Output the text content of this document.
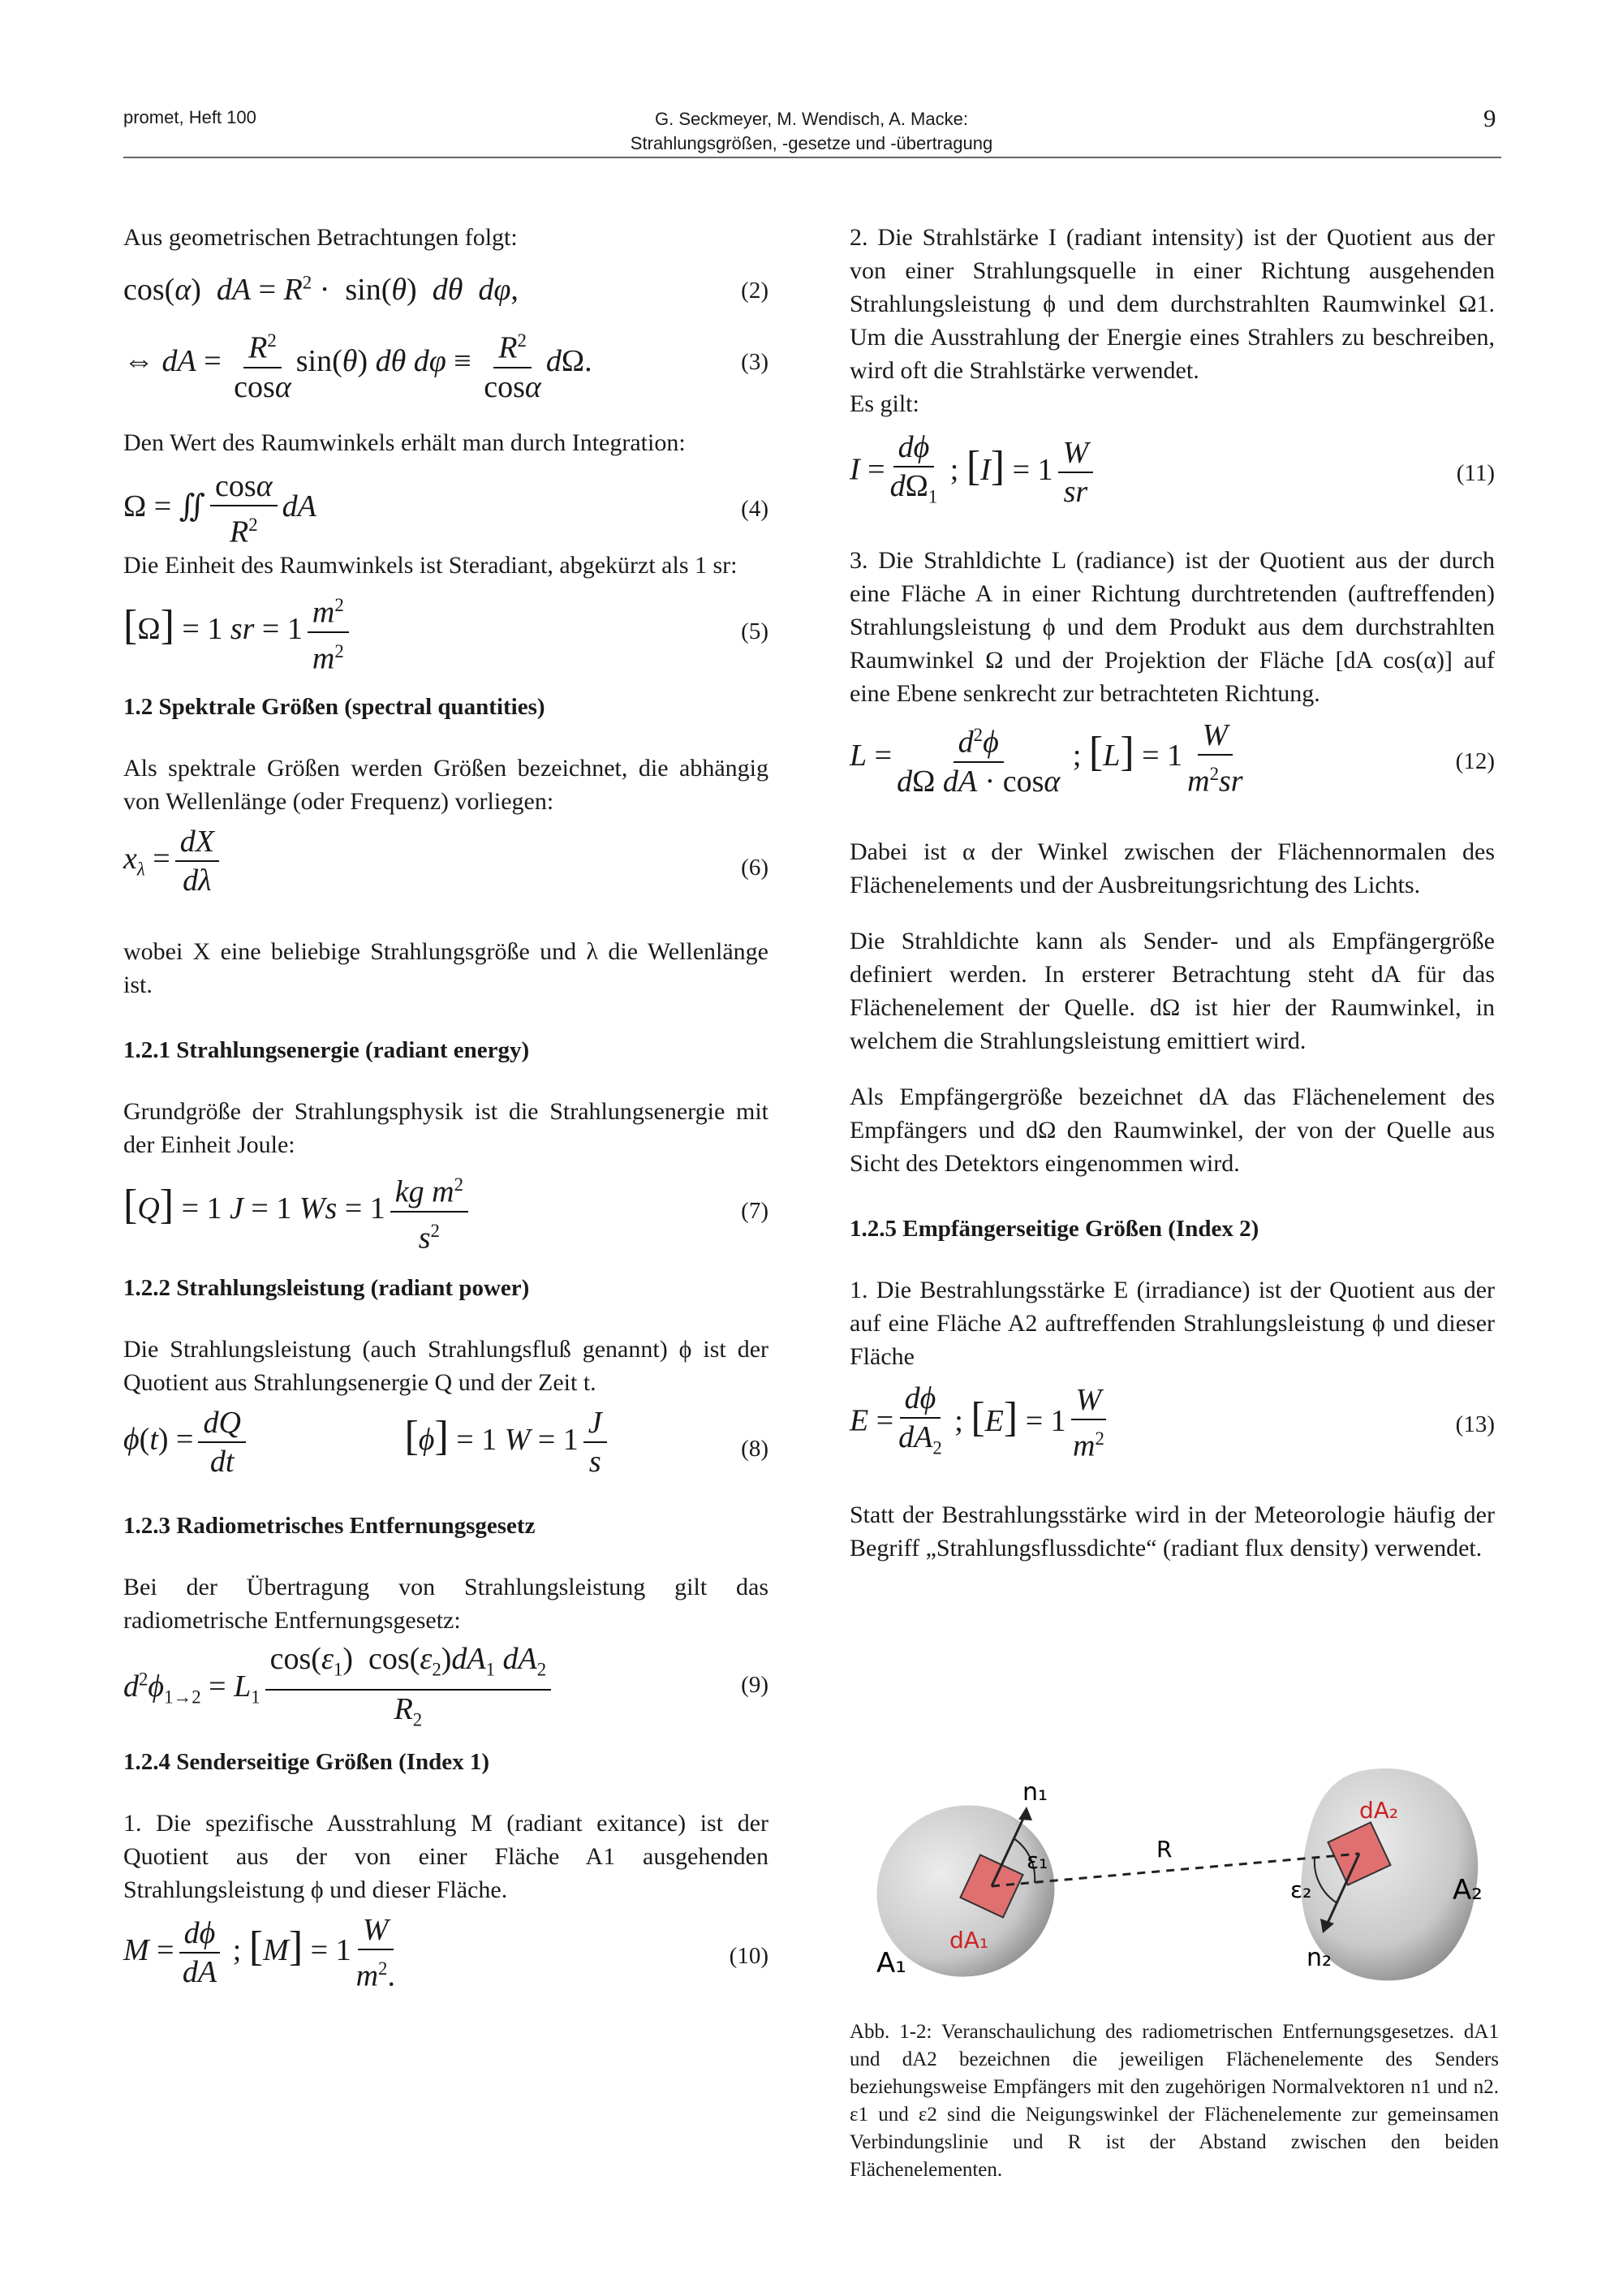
promet, Heft 100	G. Seckmeyer, M. Wendisch, A. Macke:
Strahlungsgrößen, -gesetze und -übertragung
9

Aus geometrischen Betrachtungen folgt:

cos(α)  dA = $R^2 \cdot \sin(\theta)$  dθ dφ,	(2)
⇔ dA = $\frac{R^2}{\cos\alpha} \sin(\theta)$ dθ $d\varphi \equiv \frac{R^2}{\cos\alpha} d\Omega$.	(3)

Den Wert des Raumwinkels erhält man durch Integration:

Ω = ∬ $\frac{\cos\alpha}{R^2}$ dA	(4)

Die Einheit des Raumwinkels ist Steradiant, abgekürzt als 1 sr:

[Ω] = 1 sr = $1 \frac{m^2}{m^2}$	(5)
1.2 Spektrale Größen (spectral quantities)

Als spektrale Größen werden Größen bezeichnet, die abhängig von Wellenlänge (oder Frequenz) vorliegen:

$x_\lambda = \frac{dX}{d\lambda}$	(6)

wobei X eine beliebige Strahlungsgröße und λ die Wellenlänge ist.

1.2.1 Strahlungsenergie (radiant energy)

Grundgröße der Strahlungsphysik ist die Strahlungsenergie mit der Einheit Joule:

[Q] = 1 J = 1 $Ws = 1 \frac{kg m^2}{s^2}$	(7)
1.2.2 Strahlungsleistung (radiant power)

Die Strahlungsleistung (auch Strahlungsfluß genannt) ϕ ist der Quotient aus Strahlungsenergie Q und der Zeit t.

$\phi(t) = \frac{dQ}{dt}$	[ϕ] = 1 $W = 1 \frac{J}{s}$	(8)
1.2.3 Radiometrisches Entfernungsgesetz

Bei der Übertragung von Strahlungsleistung gilt das radiometrische Entfernungsgesetz:

$d^2\phi_{1\to 2} = L_1 \frac{\cos(\varepsilon_1) \cos(\varepsilon_2)dA_1 dA_2}{R_2}$	(9)
1.2.4 Senderseitige Größen (Index 1)

1. Die spezifische Ausstrahlung M (radiant exitance) ist der Quotient aus der von einer Fläche A1 ausgehenden Strahlungsleistung ϕ und dieser Fläche.

$M = \frac{d\phi}{dA}$ ; $[M] = 1 \frac{W}{m^2.}$	(10)

2. Die Strahlstärke I (radiant intensity) ist der Quotient aus der von einer Strahlungsquelle in einer Richtung ausgehenden Strahlungsleistung ϕ und dem durchstrahlten Raumwinkel Ω1. Um die Ausstrahlung der Energie eines Strahlers zu beschreiben, wird oft die Strahlstärke verwendet.

Es gilt:

$I = \frac{d\phi}{d\Omega_1}$ ; $[I] = 1 \frac{W}{sr}$	(11)

3. Die Strahldichte L (radiance) ist der Quotient aus der durch eine Fläche A in einer Richtung durchtretenden (auftreffenden) Strahlungsleistung ϕ und dem Produkt aus dem durchstrahlten Raumwinkel Ω und der Projektion der Fläche [dA cos(α)] auf eine Ebene senkrecht zur betrachteten Richtung.

$L = \frac{d^2\phi}{\text{dΩ dA · cosα}}$ ; $[L] = 1 \frac{W}{m^2sr}$	(12)

Dabei ist α der Winkel zwischen der Flächennormalen des Flächenelements und der Ausbreitungsrichtung des Lichts.

Die Strahldichte kann als Sender- und als Empfängergröße definiert werden. In ersterer Betrachtung steht dA für das Flächenelement der Quelle. dΩ ist hier der Raumwinkel, in welchem die Strahlungsleistung emittiert wird.

Als Empfängergröße bezeichnet dA das Flächenelement des Empfängers und dΩ den Raumwinkel, der von der Quelle aus Sicht des Detektors eingenommen wird.

1.2.5 Empfängerseitige Größen (Index 2)

1. Die Bestrahlungsstärke E (irradiance) ist der Quotient aus der auf eine Fläche A2 auftreffenden Strahlungsleistung ϕ und dieser Fläche

$E = \frac{d\phi}{dA_2}$ ; $[E] = 1 \frac{W}{m^2}$	(13)

Statt der Bestrahlungsstärke wird in der Meteorologie häufig der Begriff „Strahlungsflussdichte“ (radiant flux density) verwendet.

n₁
ε₁	R
ε₂
n₂
dA₁
dA₂
A₁
A₂
Abb. 1-2: Veranschaulichung des radiometrischen Entfernungsgesetzes. dA1 und dA2 bezeichnen die jeweiligen Flächenelemente des Senders beziehungsweise Empfängers mit den zugehörigen Normalvektoren n1 und n2. ε1 und ε2 sind die Neigungswinkel der Flächenelemente zur gemeinsamen Verbindungslinie und R ist der Abstand zwischen den beiden Flächenelementen.
